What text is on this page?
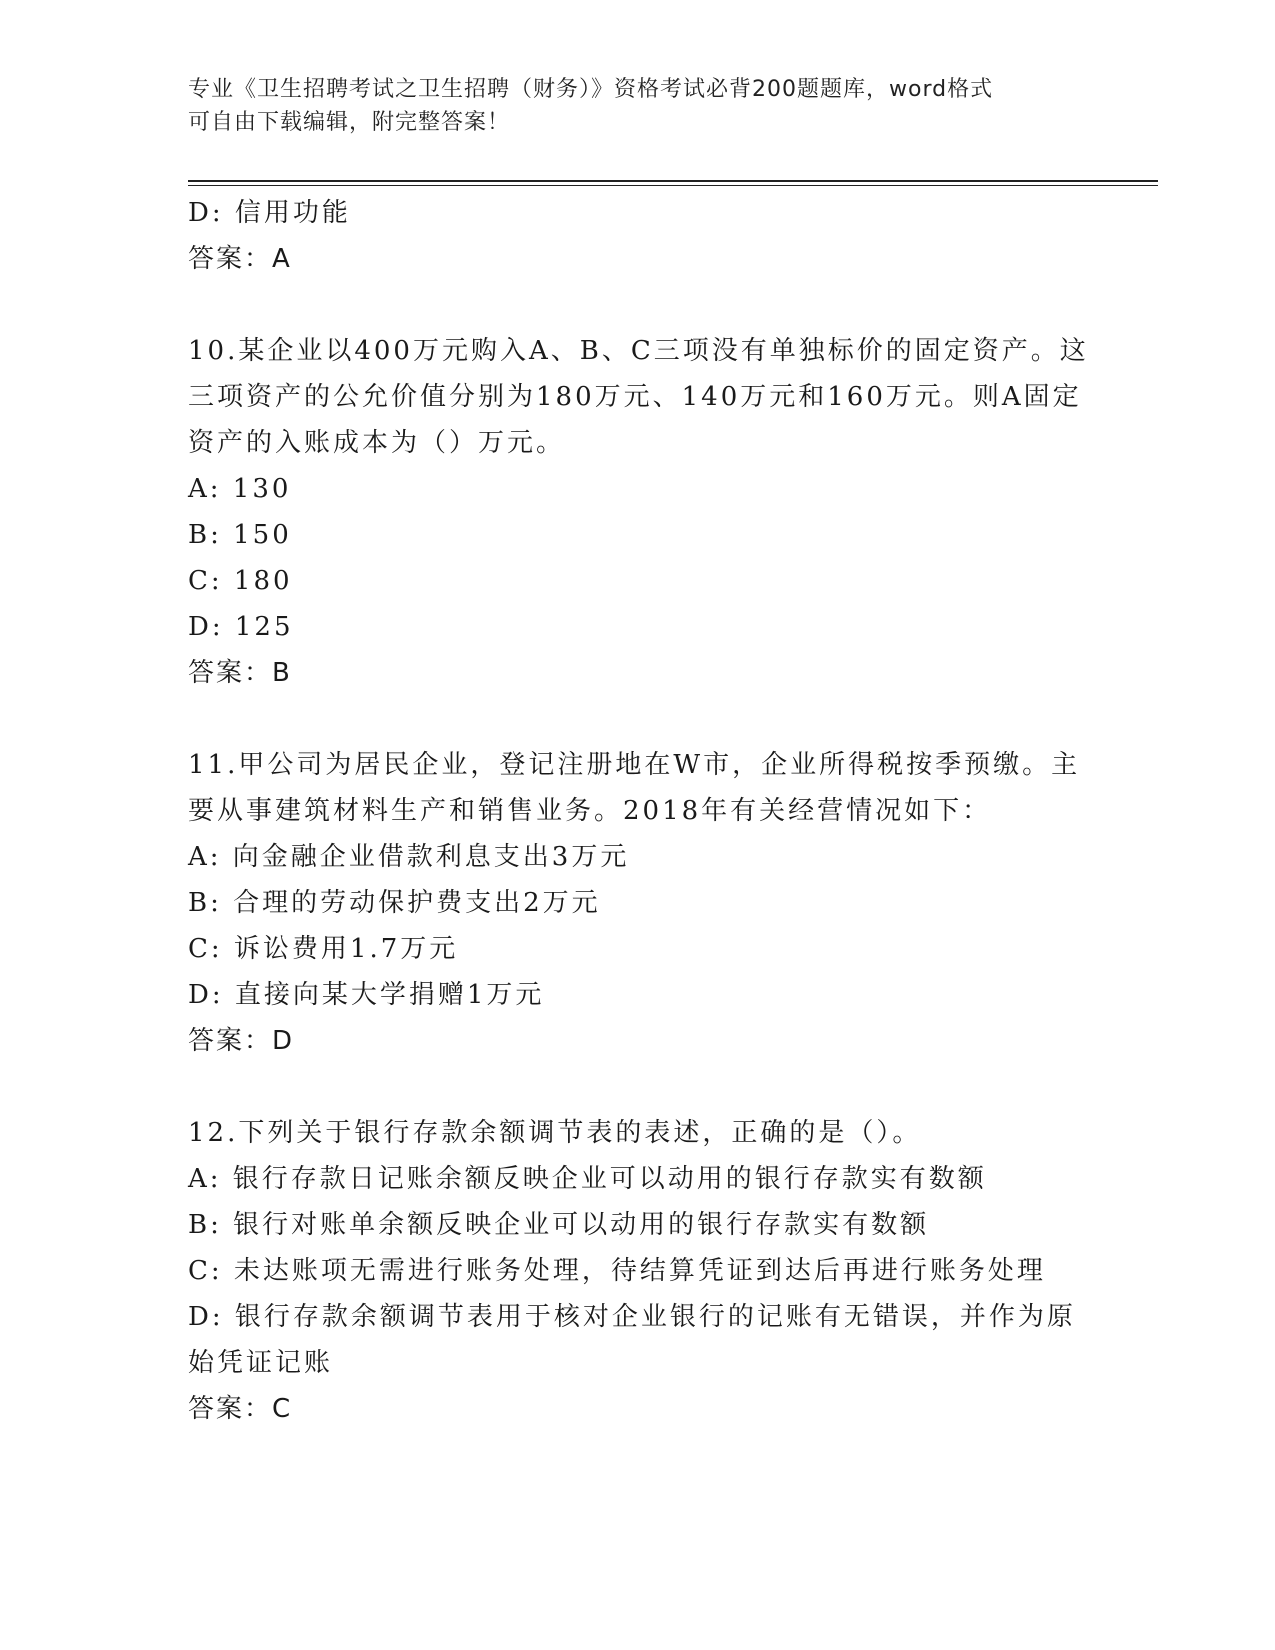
专业《卫生招聘考试之卫生招聘（财务）》资格考试必背200题题库，word格式
可自由下载编辑，附完整答案！
D: 信用功能
答案：A
10.某企业以400万元购入A、B、C三项没有单独标价的固定资产。这
三项资产的公允价值分别为180万元、140万元和160万元。则A固定
资产的入账成本为（）万元。
A: 130
B: 150
C: 180
D: 125
答案：B
11.甲公司为居民企业，登记注册地在W市，企业所得税按季预缴。主
要从事建筑材料生产和销售业务。2018年有关经营情况如下：
A: 向金融企业借款利息支出3万元
B: 合理的劳动保护费支出2万元
C: 诉讼费用1.7万元
D: 直接向某大学捐赠1万元
答案：D
12.下列关于银行存款余额调节表的表述，正确的是（）。
A: 银行存款日记账余额反映企业可以动用的银行存款实有数额
B: 银行对账单余额反映企业可以动用的银行存款实有数额
C: 未达账项无需进行账务处理，待结算凭证到达后再进行账务处理
D: 银行存款余额调节表用于核对企业银行的记账有无错误，并作为原
始凭证记账
答案：C
